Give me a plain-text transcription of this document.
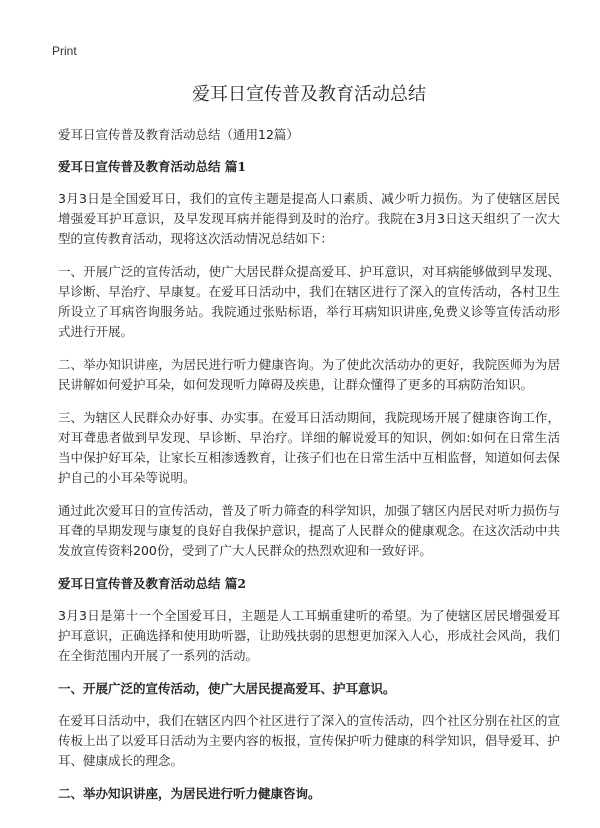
Print
爱耳日宣传普及教育活动总结

爱耳日宣传普及教育活动总结（通用12篇）

爱耳日宣传普及教育活动总结 篇1

3月3日是全国爱耳日，我们的宣传主题是提高人口素质、减少听力损伤。为了使辖区居民增强爱耳护耳意识，及早发现耳病并能得到及时的治疗。我院在3月3日这天组织了一次大型的宣传教育活动，现将这次活动情况总结如下：

一、开展广泛的宣传活动，使广大居民群众提高爱耳、护耳意识，对耳病能够做到早发现、早诊断、早治疗、早康复。在爱耳日活动中，我们在辖区进行了深入的宣传活动，各村卫生所设立了耳病咨询服务站。我院通过张贴标语，举行耳病知识讲座,免费义诊等宣传活动形式进行开展。

二、举办知识讲座，为居民进行听力健康咨询。为了使此次活动办的更好，我院医师为为居民讲解如何爱护耳朵，如何发现听力障碍及疾患，让群众懂得了更多的耳病防治知识。

三、为辖区人民群众办好事、办实事。在爱耳日活动期间，我院现场开展了健康咨询工作，对耳聋患者做到早发现、早诊断、早治疗。详细的解说爱耳的知识，例如:如何在日常生活当中保护好耳朵，让家长互相渗透教育，让孩子们也在日常生活中互相监督，知道如何去保护自己的小耳朵等说明。

通过此次爱耳日的宣传活动，普及了听力筛查的科学知识，加强了辖区内居民对听力损伤与耳聋的早期发现与康复的良好自我保护意识，提高了人民群众的健康观念。在这次活动中共发放宣传资料200份，受到了广大人民群众的热烈欢迎和一致好评。

爱耳日宣传普及教育活动总结 篇2

3月3日是第十一个全国爱耳日，主题是人工耳蜗重建听的希望。为了使辖区居民增强爱耳护耳意识，正确选择和使用助听器，让助残扶弱的思想更加深入人心，形成社会风尚，我们在全街范围内开展了一系列的活动。

一、开展广泛的宣传活动，使广大居民提高爱耳、护耳意识。

在爱耳日活动中，我们在辖区内四个社区进行了深入的宣传活动，四个社区分别在社区的宣传板上出了以爱耳日活动为主要内容的板报，宣传保护听力健康的科学知识，倡导爱耳、护耳、健康成长的理念。

二、举办知识讲座，为居民进行听力健康咨询。
